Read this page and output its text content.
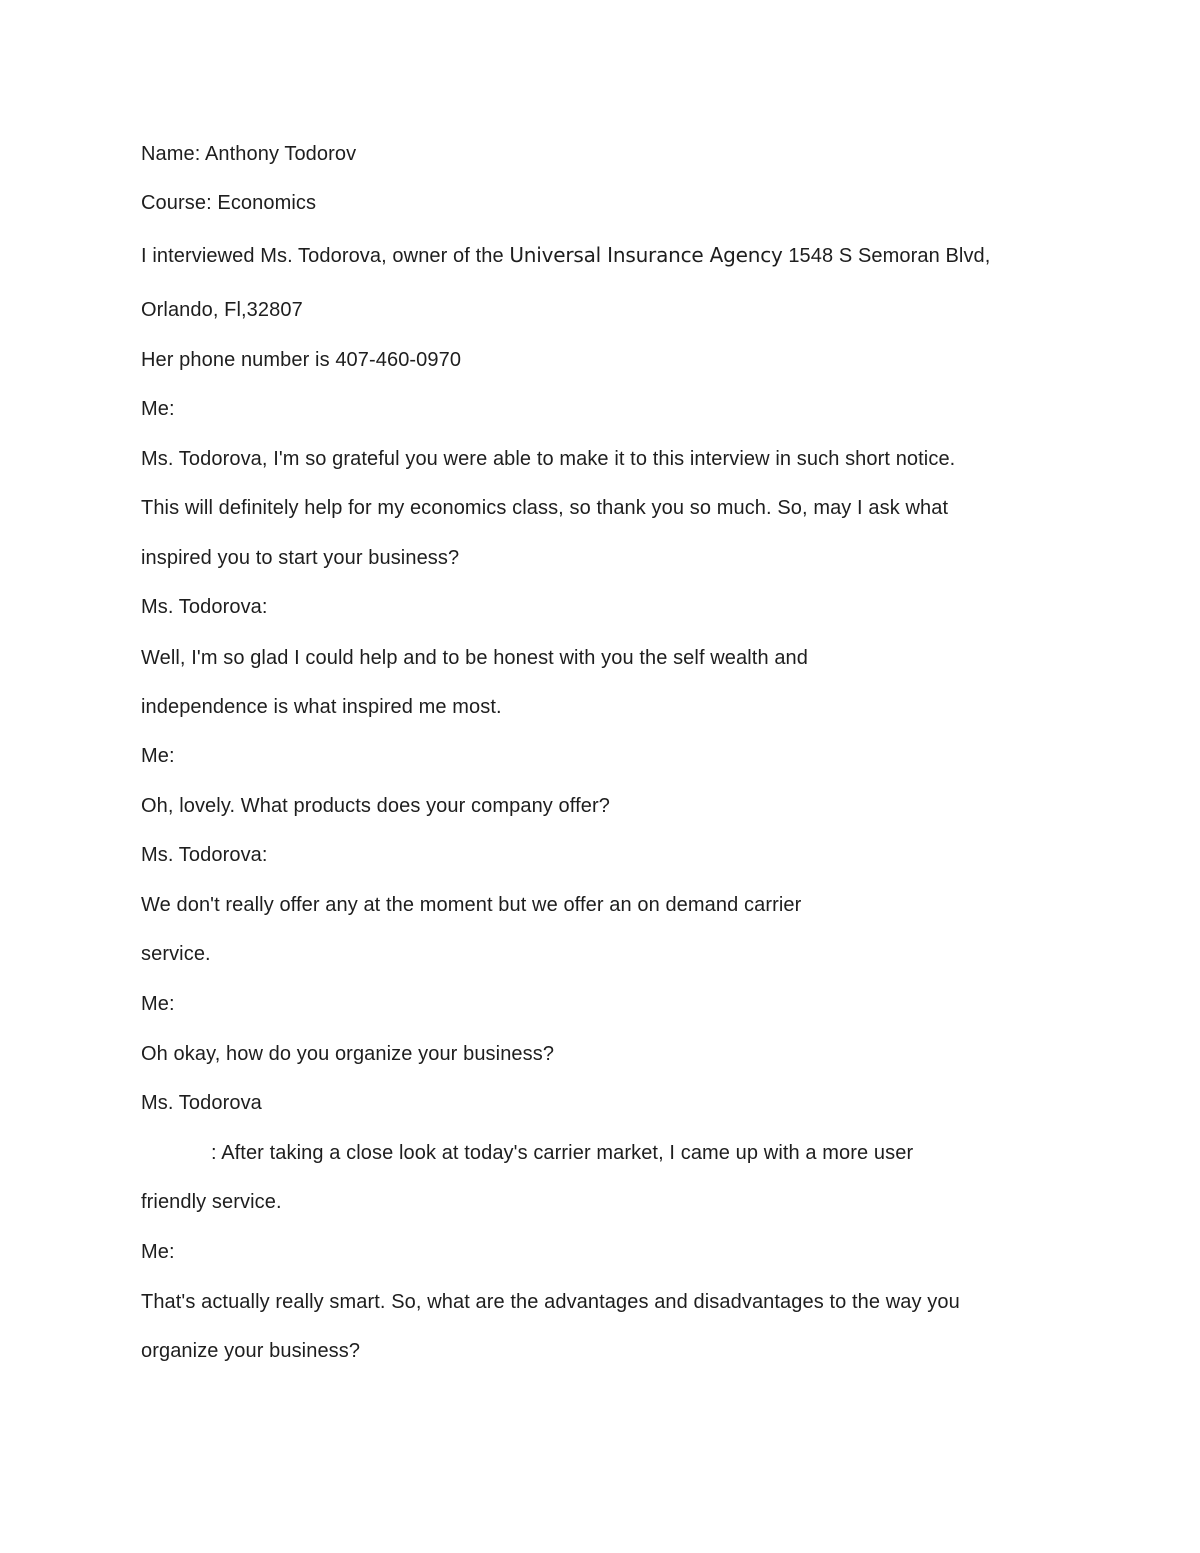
Name: Anthony Todorov
Course: Economics
I interviewed Ms. Todorova, owner of the Universal Insurance Agency 1548 S Semoran Blvd,
Orlando, Fl,32807
Her phone number is 407-460-0970
Me:
Ms. Todorova, I'm so grateful you were able to make it to this interview in such short notice.
This will definitely help for my economics class, so thank you so much. So, may I ask what
inspired you to start your business?
Ms. Todorova:
Well, I'm so glad I could help and to be honest with you the self wealth and
independence is what inspired me most.
Me:
Oh, lovely. What products does your company offer?
Ms. Todorova:
We don't really offer any at the moment but we offer an on demand carrier
service.
Me:
Oh okay, how do you organize your business?
Ms. Todorova
: After taking a close look at today's carrier market, I came up with a more user
friendly service.
Me:
That's actually really smart. So, what are the advantages and disadvantages to the way you
organize your business?
